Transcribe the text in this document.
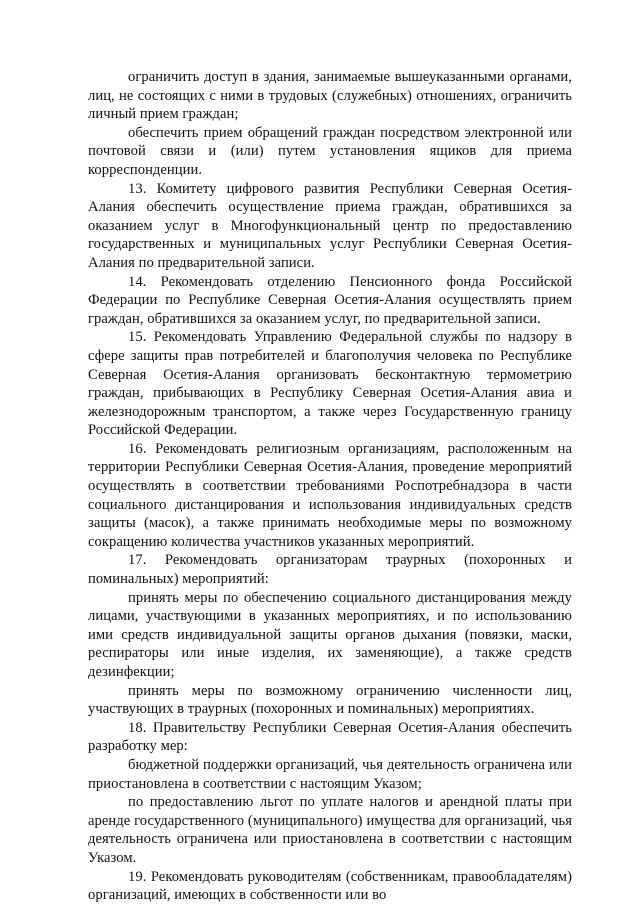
ограничить доступ в здания, занимаемые вышеуказанными органами, лиц, не состоящих с ними в трудовых (служебных) отношениях, ограничить личный прием граждан;

обеспечить прием обращений граждан посредством электронной или почтовой связи и (или) путем установления ящиков для приема корреспонденции.

13. Комитету цифрового развития Республики Северная Осетия-Алания обеспечить осуществление приема граждан, обратившихся за оказанием услуг в Многофункциональный центр по предоставлению государственных и муниципальных услуг Республики Северная Осетия-Алания по предварительной записи.

14. Рекомендовать отделению Пенсионного фонда Российской Федерации по Республике Северная Осетия-Алания осуществлять прием граждан, обратившихся за оказанием услуг, по предварительной записи.

15. Рекомендовать Управлению Федеральной службы по надзору в сфере защиты прав потребителей и благополучия человека по Республике Северная Осетия-Алания организовать бесконтактную термометрию граждан, прибывающих в Республику Северная Осетия-Алания авиа и железнодорожным транспортом, а также через Государственную границу Российской Федерации.

16. Рекомендовать религиозным организациям, расположенным на территории Республики Северная Осетия-Алания, проведение мероприятий осуществлять в соответствии требованиями Роспотребнадзора в части социального дистанцирования и использования индивидуальных средств защиты (масок), а также принимать необходимые меры по возможному сокращению количества участников указанных мероприятий.

17. Рекомендовать организаторам траурных (похоронных и поминальных) мероприятий:

принять меры по обеспечению социального дистанцирования между лицами, участвующими в указанных мероприятиях, и по использованию ими средств индивидуальной защиты органов дыхания (повязки, маски, респираторы или иные изделия, их заменяющие), а также средств дезинфекции;

принять меры по возможному ограничению численности лиц, участвующих в траурных (похоронных и поминальных) мероприятиях.

18. Правительству Республики Северная Осетия-Алания обеспечить разработку мер:

бюджетной поддержки организаций, чья деятельность ограничена или приостановлена в соответствии с настоящим Указом;

по предоставлению льгот по уплате налогов и арендной платы при аренде государственного (муниципального) имущества для организаций, чья деятельность ограничена или приостановлена в соответствии с настоящим Указом.

19. Рекомендовать руководителям (собственникам, правообладателям) организаций, имеющих в собственности или во
